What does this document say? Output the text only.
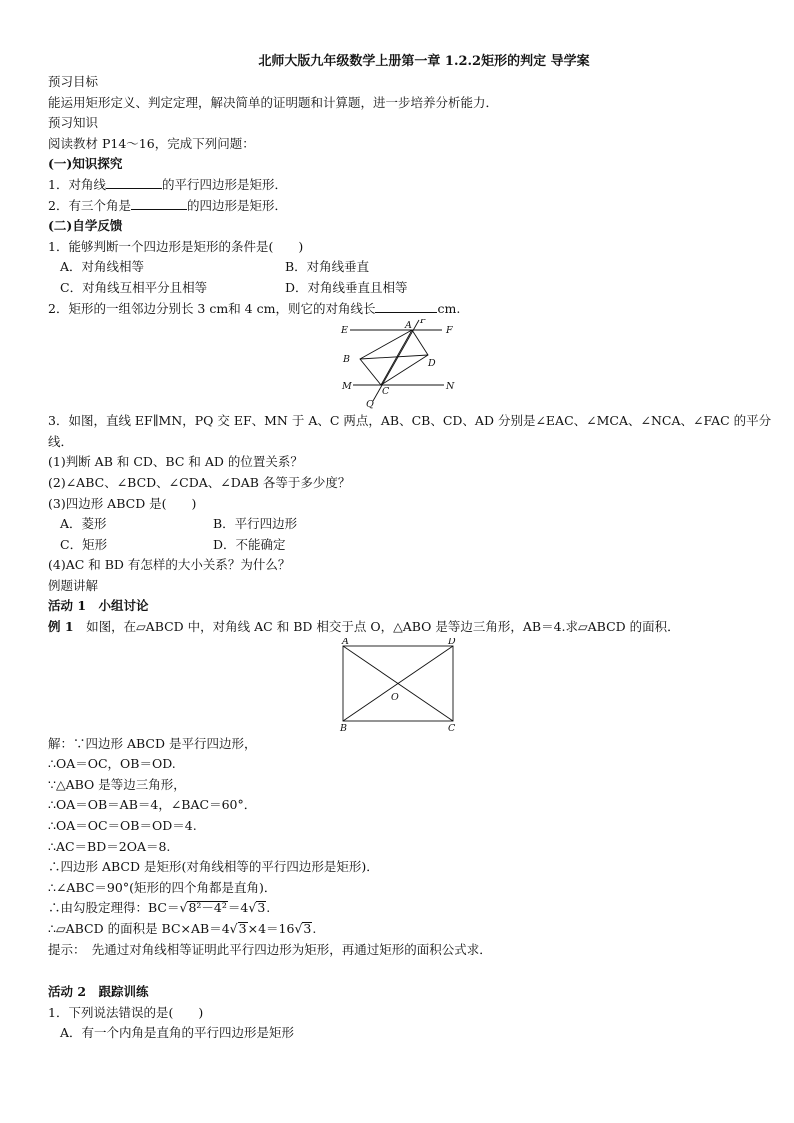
北师大版九年级数学上册第一章 1.2.2矩形的判定 导学案
预习目标
能运用矩形定义、判定定理，解决简单的证明题和计算题，进一步培养分析能力．
预习知识
阅读教材 P14～16，完成下列问题：
(一)知识探究
1．对角线	的平行四边形是矩形．
2．有三个角是	的四边形是矩形．
(二)自学反馈
1．能够判断一个四边形是矩形的条件是(　　)
A．对角线相等	B．对角线垂直
C．对角线互相平分且相等	D．对角线垂直且相等
2．矩形的一组邻边分别长 3 cm和 4 cm，则它的对角线长	cm.
E	F
A P
B	D
M	N
C
Q
3．如图，直线 EF∥MN，PQ 交 EF、MN 于 A、C 两点，AB、CB、CD、AD 分别是∠EAC、∠MCA、∠NCA、∠FAC 的平分
线．
(1)判断 AB 和 CD、BC 和 AD 的位置关系？
(2)∠ABC、∠BCD、∠CDA、∠DAB 各等于多少度？
(3)四边形 ABCD 是(　　)
A．菱形	B．平行四边形
C．矩形	D．不能确定
(4)AC 和 BD 有怎样的大小关系？为什么？
例题讲解
活动 1　小组讨论
例 1　如图，在▱ABCD 中，对角线 AC 和 BD 相交于点 O，△ABO 是等边三角形，AB＝4.求▱ABCD 的面积．
A	D
O
B	C
解：∵四边形 ABCD 是平行四边形，
∴OA＝OC，OB＝OD.
∵△ABO 是等边三角形，
∴OA＝OB＝AB＝4，∠BAC＝60°．
∴OA＝OC＝OB＝OD＝4.
∴AC＝BD＝2OA＝8.
∴四边形 ABCD 是矩形(对角线相等的平行四边形是矩形)．
∴∠ABC＝90°(矩形的四个角都是直角)．
∴由勾股定理得：BC＝√8²－4²＝4√3.
∴▱ABCD 的面积是 BC×AB＝4√3×4＝16√3.
提示：　先通过对角线相等证明此平行四边形为矩形，再通过矩形的面积公式求．
活动 2　跟踪训练
1．下列说法错误的是(　　)
A．有一个内角是直角的平行四边形是矩形
